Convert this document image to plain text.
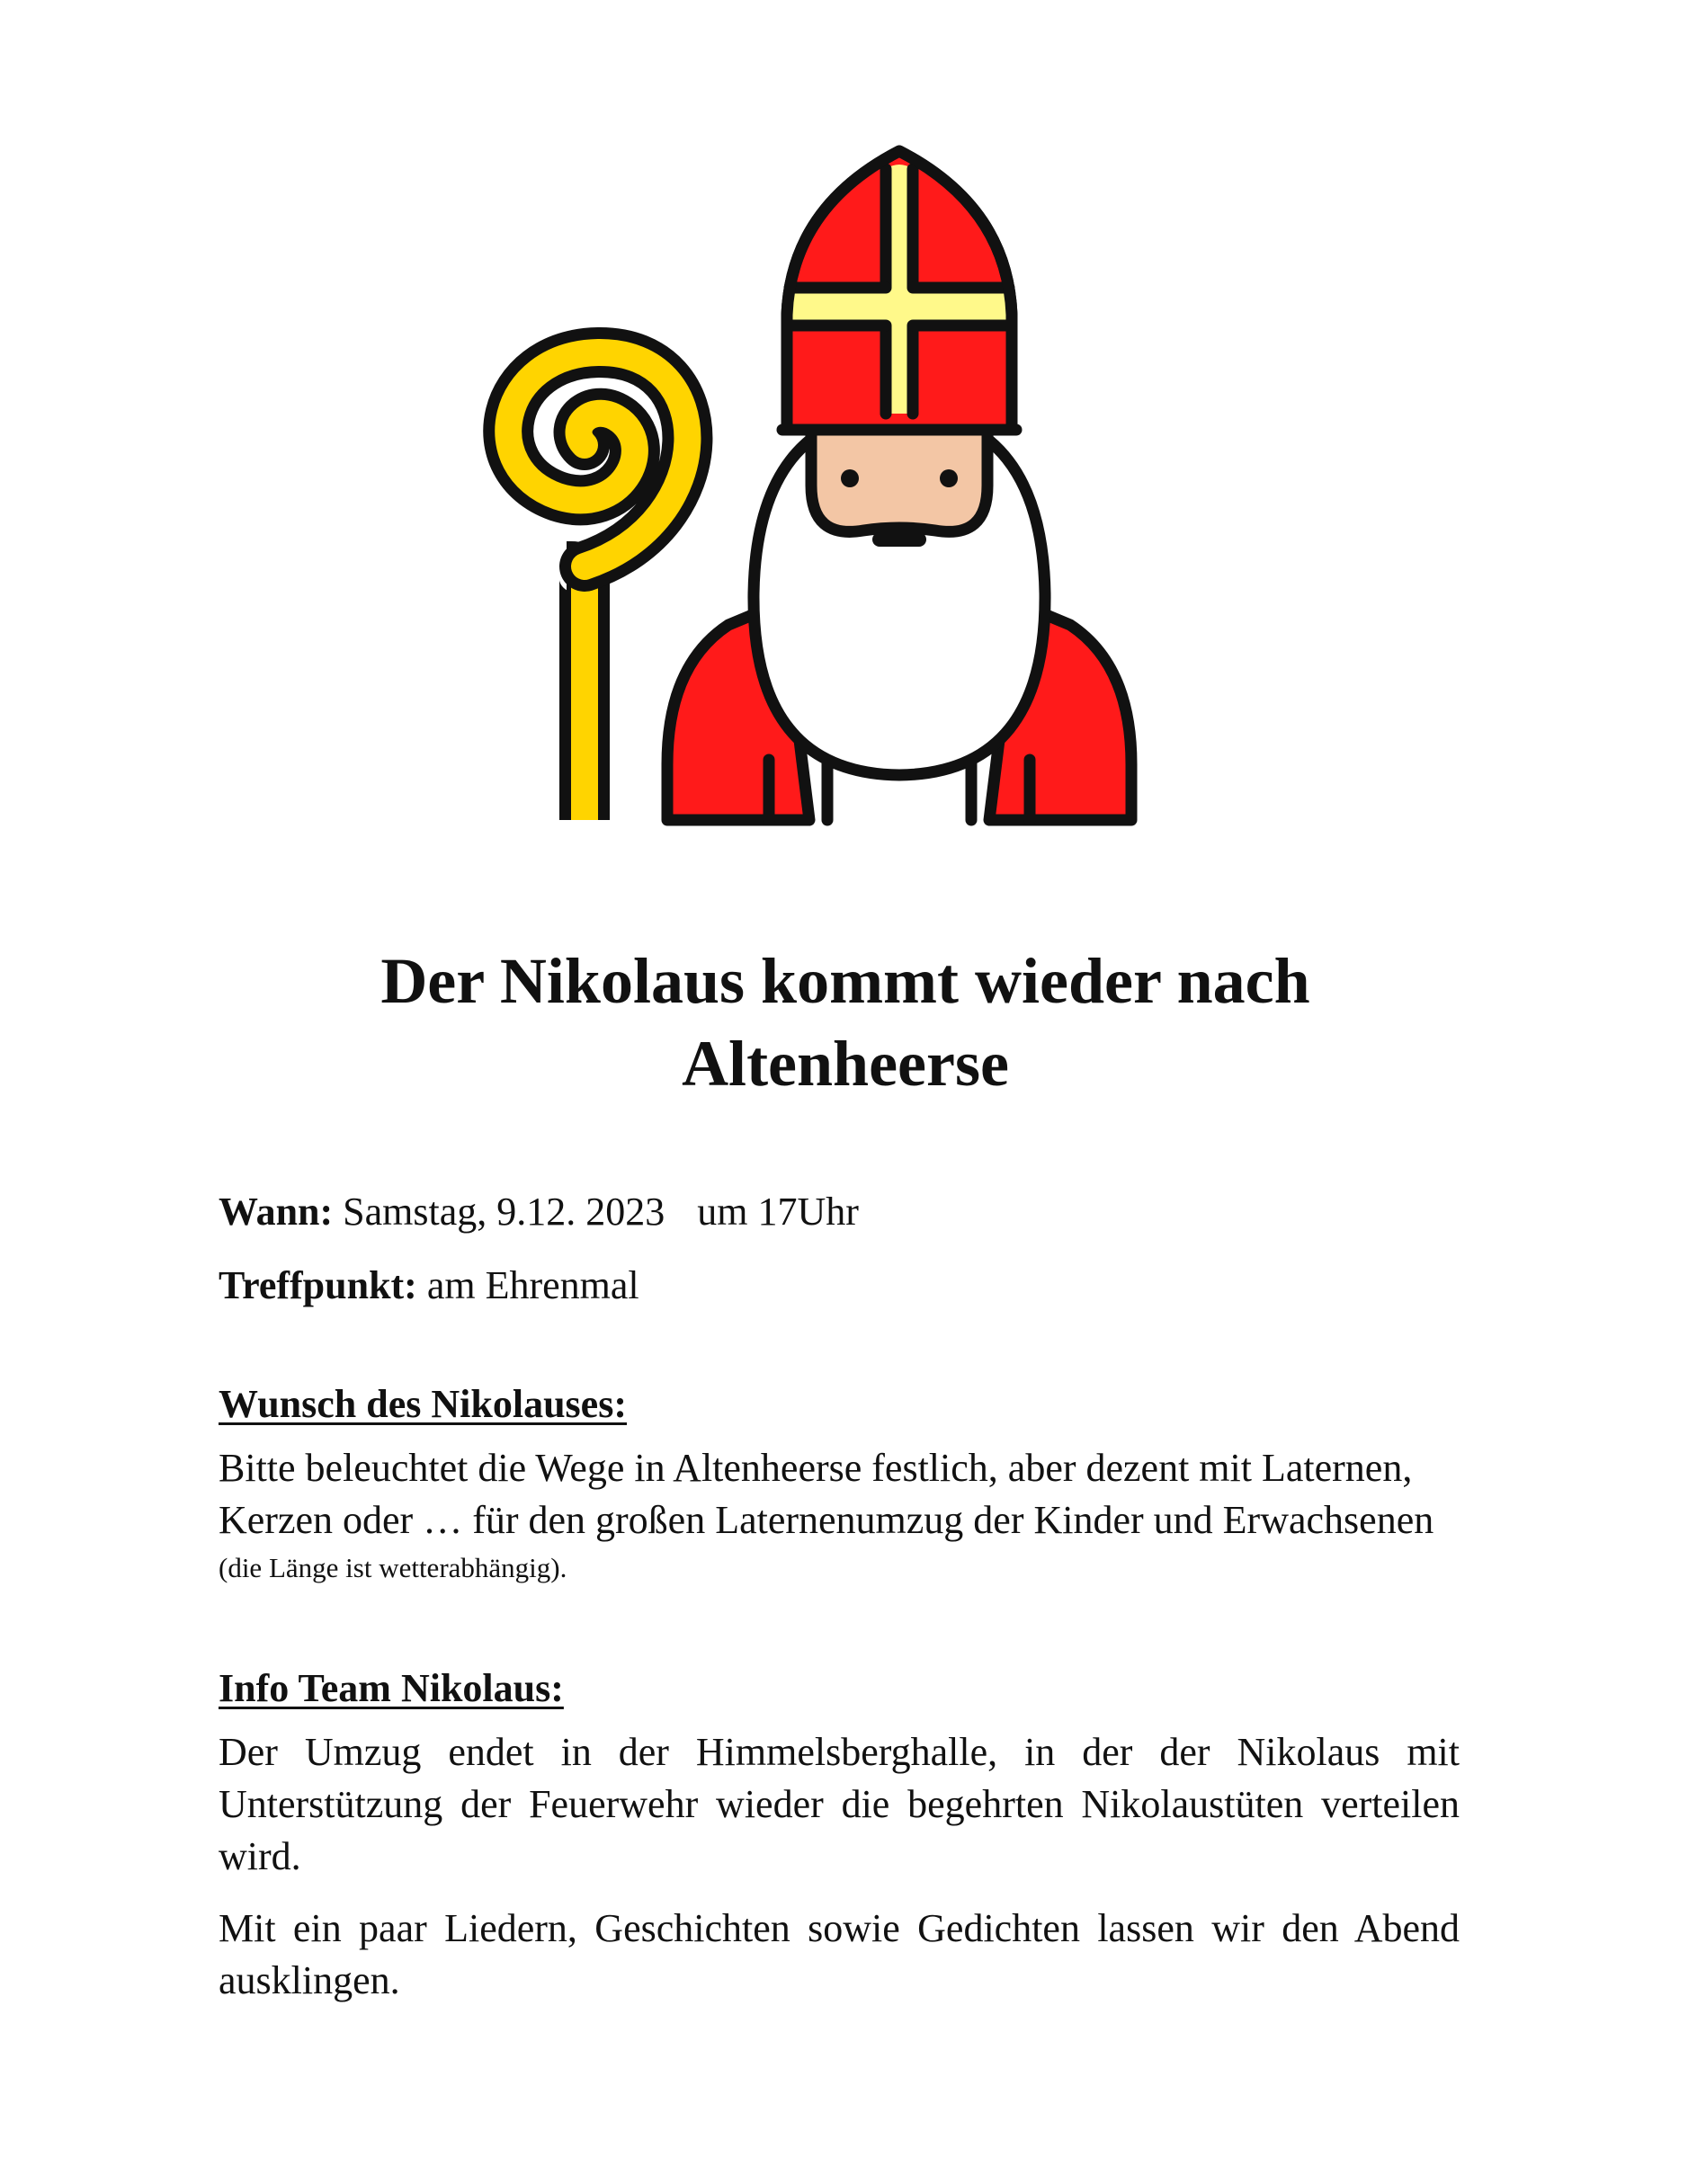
Der Nikolaus kommt wieder nach
Altenheerse

Wann: Samstag, 9.12. 2023 um 17Uhr

Treffpunkt: am Ehrenmal

Wunsch des Nikolauses:

Bitte beleuchtet die Wege in Altenheerse festlich, aber dezent mit Laternen, Kerzen oder … für den großen Laternenumzug der Kinder und Erwachsenen
(die Länge ist wetterabhängig).

Info Team Nikolaus:

Der Umzug endet in der Himmelsberghalle, in der der Nikolaus mit Unterstützung der Feuerwehr wieder die begehrten Nikolaustüten verteilen wird.

Mit ein paar Liedern, Geschichten sowie Gedichten lassen wir den Abend ausklingen.
